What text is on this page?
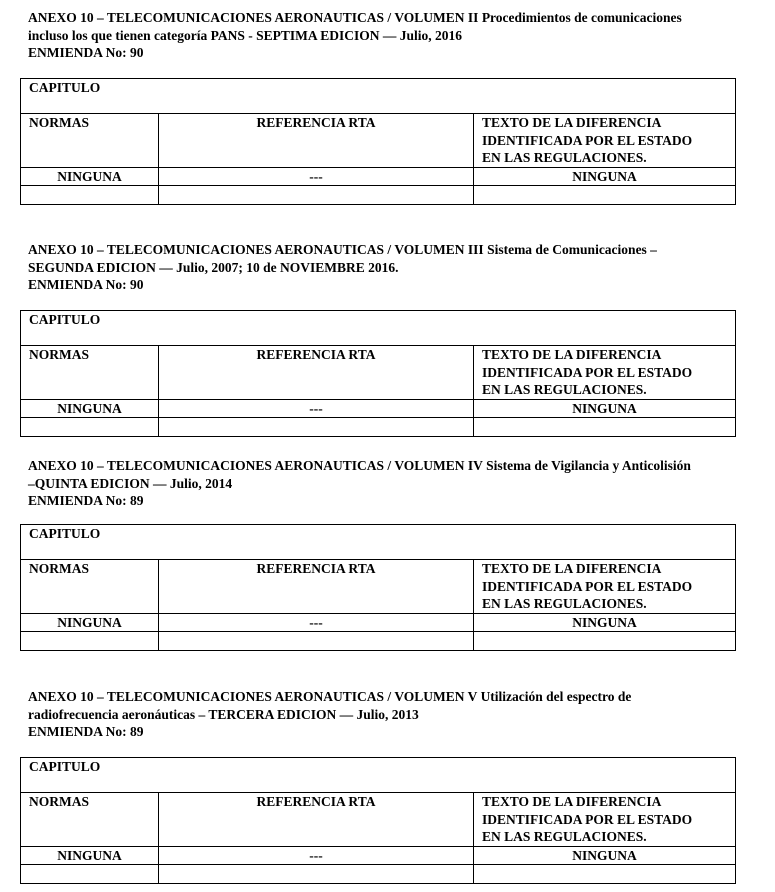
ANEXO 10 – TELECOMUNICACIONES AERONAUTICAS / VOLUMEN II Procedimientos de comunicaciones

incluso los que tienen categoría PANS - SEPTIMA EDICION — Julio, 2016

ENMIENDA No: 90

CAPITULO		
NORMAS	REFERENCIA RTA	TEXTO DE LA DIFERENCIA
IDENTIFICADA POR EL ESTADO
EN LAS REGULACIONES.

NINGUNA	---	NINGUNA

ANEXO 10 – TELECOMUNICACIONES AERONAUTICAS / VOLUMEN III Sistema de Comunicaciones –

SEGUNDA EDICION — Julio, 2007; 10 de NOVIEMBRE 2016.

ENMIENDA No: 90

CAPITULO		
NORMAS	REFERENCIA RTA	TEXTO DE LA DIFERENCIA
IDENTIFICADA POR EL ESTADO
EN LAS REGULACIONES.

NINGUNA	---	NINGUNA

ANEXO 10 – TELECOMUNICACIONES AERONAUTICAS / VOLUMEN IV Sistema de Vigilancia y Anticolisión

–QUINTA EDICION — Julio, 2014

ENMIENDA No: 89

CAPITULO		
NORMAS	REFERENCIA RTA	TEXTO DE LA DIFERENCIA
IDENTIFICADA POR EL ESTADO
EN LAS REGULACIONES.

NINGUNA	---	NINGUNA

ANEXO 10 – TELECOMUNICACIONES AERONAUTICAS / VOLUMEN V Utilización del espectro de

radiofrecuencia aeronáuticas – TERCERA EDICION — Julio, 2013

ENMIENDA No: 89

CAPITULO		
NORMAS	REFERENCIA RTA	TEXTO DE LA DIFERENCIA
IDENTIFICADA POR EL ESTADO
EN LAS REGULACIONES.

NINGUNA	---	NINGUNA
